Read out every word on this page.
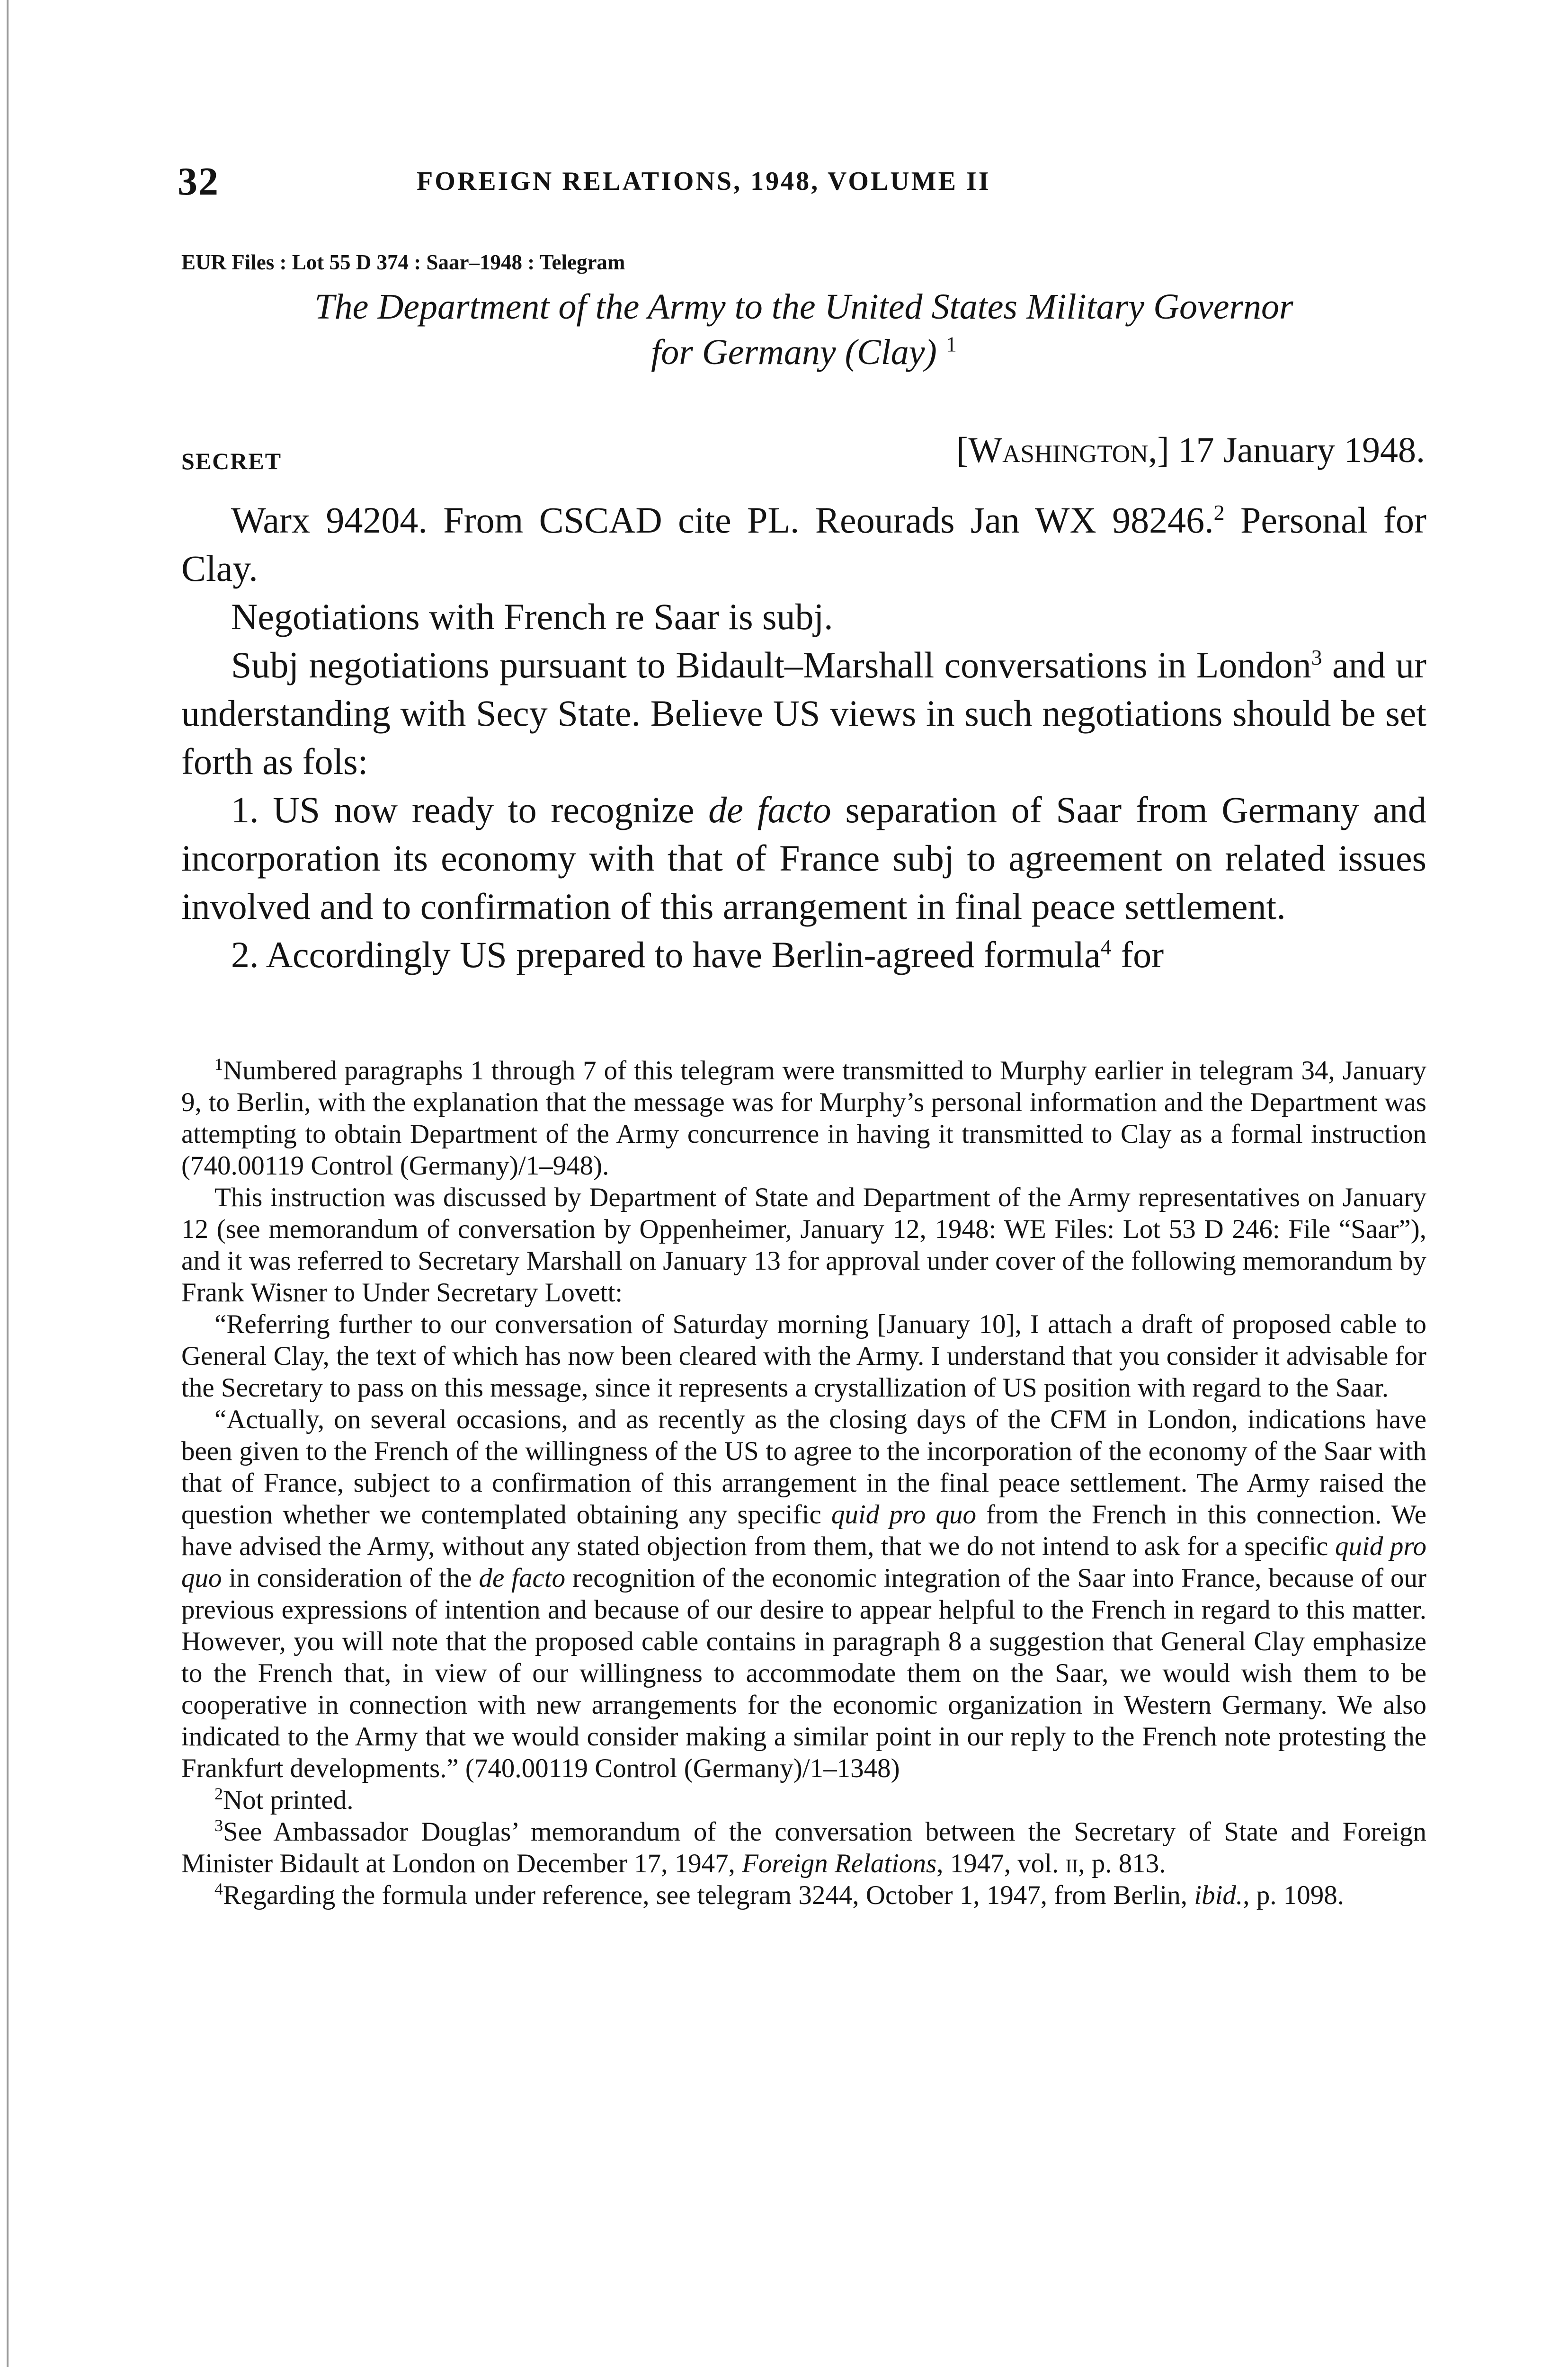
32	FOREIGN RELATIONS, 1948, VOLUME II
EUR Files : Lot 55 D 374 : Saar–1948 : Telegram
The Department of the Army to the United States Military Governor
for Germany (Clay) $^1$
SECRET	[Washington,] 17 January 1948.

Warx 94204. From CSCAD cite PL. Reourads Jan WX 98246.$^2$ Personal for Clay.

Negotiations with French re Saar is subj.

Subj negotiations pursuant to Bidault–Marshall conversations in London$^3$ and ur understanding with Secy State. Believe US views in such negotiations should be set forth as fols:

1. US now ready to recognize de facto separation of Saar from Germany and incorporation its economy with that of France subj to agreement on related issues involved and to confirmation of this arrangement in final peace settlement.

2. Accordingly US prepared to have Berlin-agreed formula$^4$ for

$^1$Numbered paragraphs 1 through 7 of this telegram were transmitted to Murphy earlier in telegram 34, January 9, to Berlin, with the explanation that the message was for Murphy’s personal information and the Department was attempting to obtain Department of the Army concurrence in having it transmitted to Clay as a formal instruction (740.00119 Control (Germany)/1–948).

This instruction was discussed by Department of State and Department of the Army representatives on January 12 (see memorandum of conversation by Oppenheimer, January 12, 1948: WE Files: Lot 53 D 246: File “Saar”), and it was referred to Secretary Marshall on January 13 for approval under cover of the following memorandum by Frank Wisner to Under Secretary Lovett:

“Referring further to our conversation of Saturday morning [January 10], I attach a draft of proposed cable to General Clay, the text of which has now been cleared with the Army. I understand that you consider it advisable for the Secretary to pass on this message, since it represents a crystallization of US position with regard to the Saar.

“Actually, on several occasions, and as recently as the closing days of the CFM in London, indications have been given to the French of the willingness of the US to agree to the incorporation of the economy of the Saar with that of France, subject to a confirmation of this arrangement in the final peace settlement. The Army raised the question whether we contemplated obtaining any specific quid pro quo from the French in this connection. We have advised the Army, without any stated objection from them, that we do not intend to ask for a specific quid pro quo in consideration of the de facto recognition of the economic integration of the Saar into France, because of our previous expressions of intention and because of our desire to appear helpful to the French in regard to this matter. However, you will note that the proposed cable contains in paragraph 8 a suggestion that General Clay emphasize to the French that, in view of our willingness to accommodate them on the Saar, we would wish them to be cooperative in connection with new arrangements for the economic organization in Western Germany. We also indicated to the Army that we would consider making a similar point in our reply to the French note protesting the Frankfurt developments.” (740.00119 Control (Germany)/1–1348)

$^2$Not printed.

$^3$See Ambassador Douglas’ memorandum of the conversation between the Secretary of State and Foreign Minister Bidault at London on December 17, 1947, Foreign Relations, 1947, vol. ii, p. 813.

$^4$Regarding the formula under reference, see telegram 3244, October 1, 1947, from Berlin, ibid., p. 1098.
